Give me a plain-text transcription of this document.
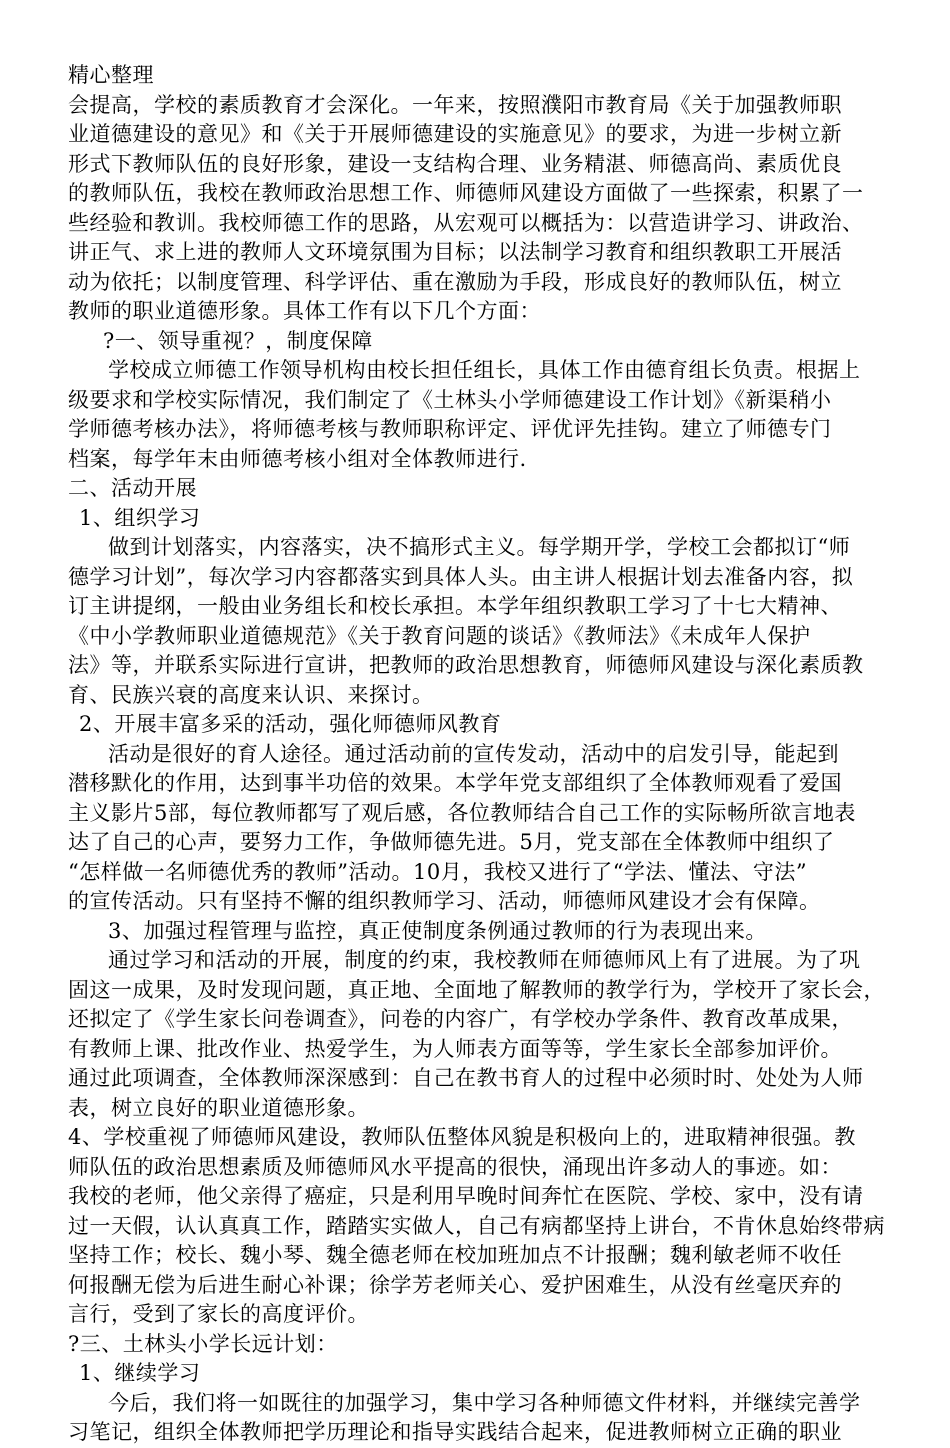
精心整理
会提高，学校的素质教育才会深化。一年来，按照濮阳市教育局《关于加强教师职
业道德建设的意见》和《关于开展师德建设的实施意见》的要求，为进一步树立新
形式下教师队伍的良好形象，建设一支结构合理、业务精湛、师德高尚、素质优良
的教师队伍，我校在教师政治思想工作、师德师风建设方面做了一些探索，积累了一
些经验和教训。我校师德工作的思路，从宏观可以概括为：以营造讲学习、讲政治、
讲正气、求上进的教师人文环境氛围为目标；以法制学习教育和组织教职工开展活
动为依托；以制度管理、科学评估、重在激励为手段，形成良好的教师队伍，树立
教师的职业道德形象。具体工作有以下几个方面：
?一、领导重视？，制度保障
学校成立师德工作领导机构由校长担任组长，具体工作由德育组长负责。根据上
级要求和学校实际情况，我们制定了《土林头小学师德建设工作计划》《新渠稍小
学师德考核办法》，将师德考核与教师职称评定、评优评先挂钩。建立了师德专门
档案，每学年末由师德考核小组对全体教师进行.
二、活动开展
1、组织学习
做到计划落实，内容落实，决不搞形式主义。每学期开学，学校工会都拟订“师
德学习计划”，每次学习内容都落实到具体人头。由主讲人根据计划去准备内容，拟
订主讲提纲，一般由业务组长和校长承担。本学年组织教职工学习了十七大精神、
《中小学教师职业道德规范》《关于教育问题的谈话》《教师法》《未成年人保护
法》等，并联系实际进行宣讲，把教师的政治思想教育，师德师风建设与深化素质教
育、民族兴衰的高度来认识、来探讨。
2、开展丰富多采的活动，强化师德师风教育
活动是很好的育人途径。通过活动前的宣传发动，活动中的启发引导，能起到
潜移默化的作用，达到事半功倍的效果。本学年党支部组织了全体教师观看了爱国
主义影片5部，每位教师都写了观后感，各位教师结合自己工作的实际畅所欲言地表
达了自己的心声，要努力工作，争做师德先进。5月，党支部在全体教师中组织了
“怎样做一名师德优秀的教师”活动。10月，我校又进行了“学法、懂法、守法”
的宣传活动。只有坚持不懈的组织教师学习、活动，师德师风建设才会有保障。
3、加强过程管理与监控，真正使制度条例通过教师的行为表现出来。
通过学习和活动的开展，制度的约束，我校教师在师德师风上有了进展。为了巩
固这一成果，及时发现问题，真正地、全面地了解教师的教学行为，学校开了家长会，
还拟定了《学生家长问卷调查》，问卷的内容广，有学校办学条件、教育改革成果，
有教师上课、批改作业、热爱学生，为人师表方面等等，学生家长全部参加评价。
通过此项调查，全体教师深深感到：自己在教书育人的过程中必须时时、处处为人师
表，树立良好的职业道德形象。
4、学校重视了师德师风建设，教师队伍整体风貌是积极向上的，进取精神很强。教
师队伍的政治思想素质及师德师风水平提高的很快，涌现出许多动人的事迹。如：
我校的老师，他父亲得了癌症，只是利用早晚时间奔忙在医院、学校、家中，没有请
过一天假，认认真真工作，踏踏实实做人，自己有病都坚持上讲台，不肯休息始终带病
坚持工作；校长、魏小琴、魏全德老师在校加班加点不计报酬；魏利敏老师不收任
何报酬无偿为后进生耐心补课；徐学芳老师关心、爱护困难生，从没有丝毫厌弃的
言行，受到了家长的高度评价。
?三、土林头小学长远计划：
1、继续学习
今后，我们将一如既往的加强学习，集中学习各种师德文件材料，并继续完善学
习笔记，组织全体教师把学历理论和指导实践结合起来，促进教师树立正确的职业
